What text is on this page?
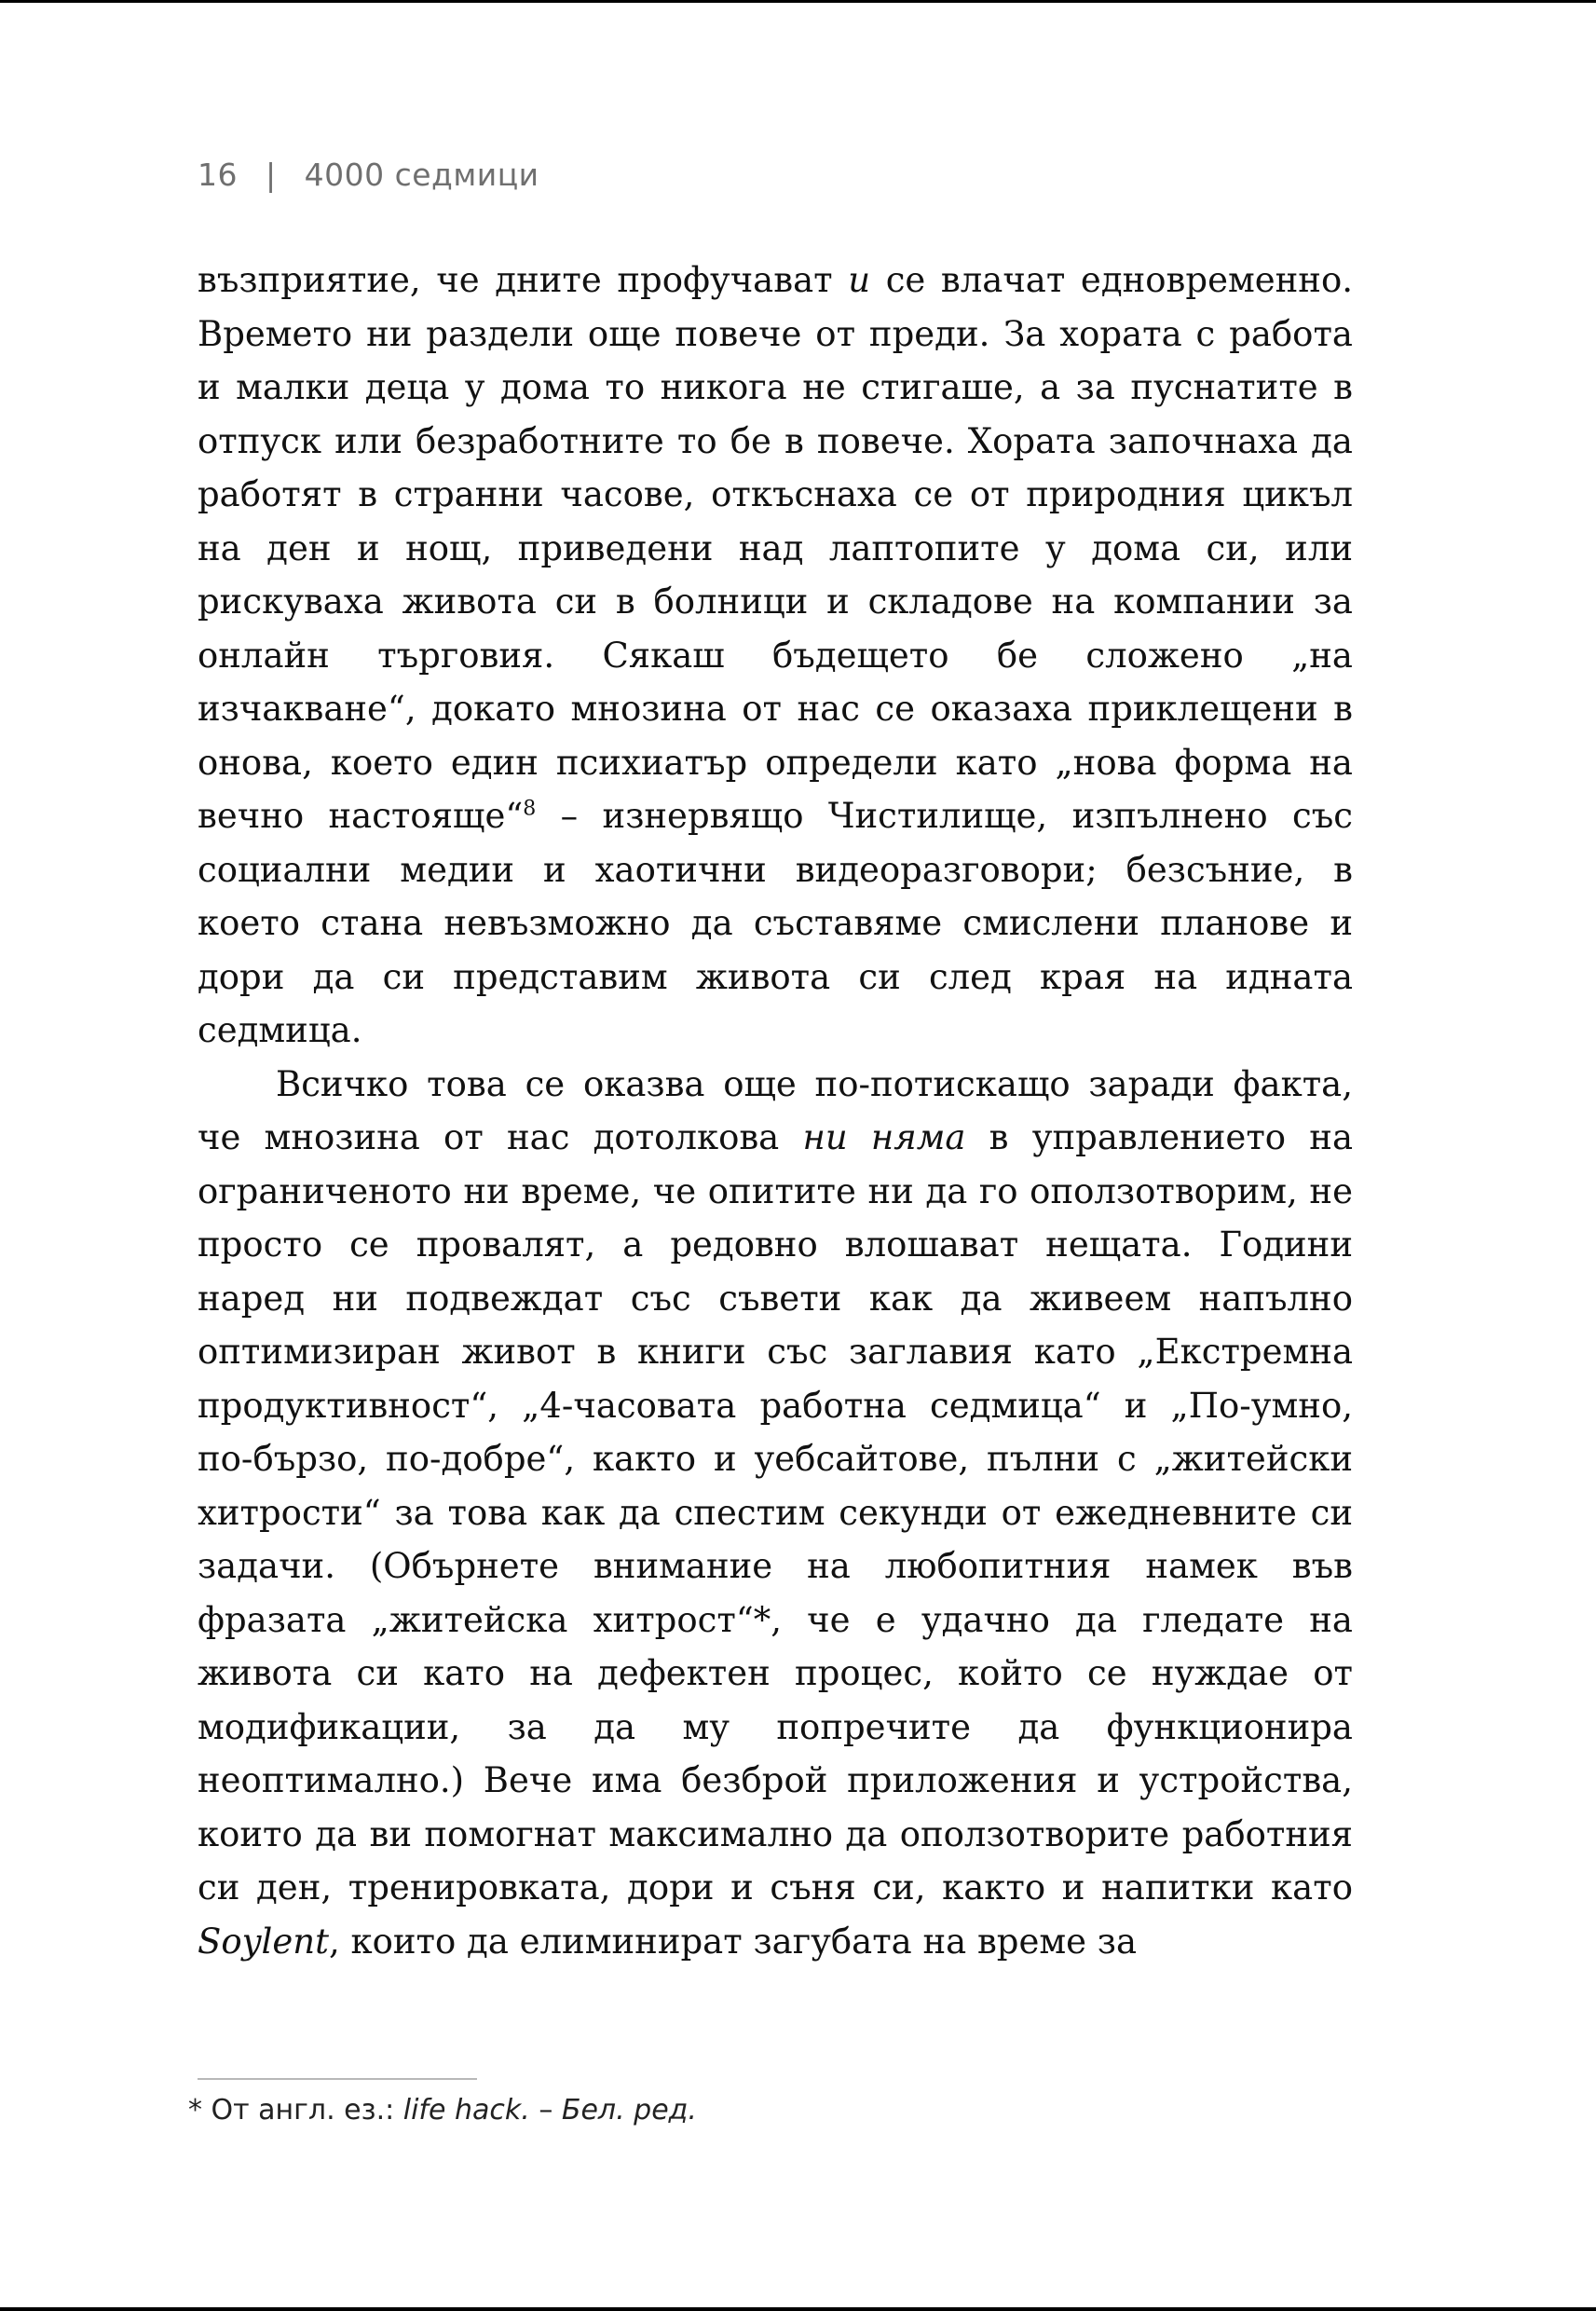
16 | 4000 седмици

възприятие, че дните профучават и се влачат едновременно. Времето ни раздели още повече от преди. За хората с работа и малки деца у дома то никога не стигаше, а за пуснатите в отпуск или безработните то бе в повече. Хората започнаха да работят в странни часове, откъснаха се от природния цикъл на ден и нощ, приведени над лаптопите у дома си, или рискуваха живота си в болници и складове на компании за онлайн търговия. Сякаш бъдещето бе сложено „на изчакване“, докато мнозина от нас се оказаха приклещени в онова, което един психиатър определи като „нова форма на вечно настояще“$^8$ – изнервящо Чистилище, изпълнено със социални медии и хаотични видеоразговори; безсъние, в което стана невъзможно да съставяме смислени планове и дори да си представим живота си след края на идната седмица.

Всичко това се оказва още по-потискащо заради факта, че мнозина от нас дотолкова ни няма в управлението на ограниченото ни време, че опитите ни да го оползотворим, не просто се провалят, а редовно влошават нещата. Години наред ни подвеждат със съвети как да живеем напълно оптимизиран живот в книги със заглавия като „Екстремна продуктивност“, „4-часовата работна седмица“ и „По-умно, по-бързо, по-добре“, както и уебсайтове, пълни с „житейски хитрости“ за това как да спестим секунди от ежедневните си задачи. (Обърнете внимание на любопитния намек във фразата „житейска хитрост“*, че е удачно да гледате на живота си като на дефектен процес, който се нуждае от модификации, за да му попречите да функционира неоптимално.) Вече има безброй приложения и устройства, които да ви помогнат максимално да оползотворите работния си ден, тренировката, дори и съня си, както и напитки като Soylent, които да елиминират загубата на време за

* От англ. ез.: life hack. – Бел. ред.
